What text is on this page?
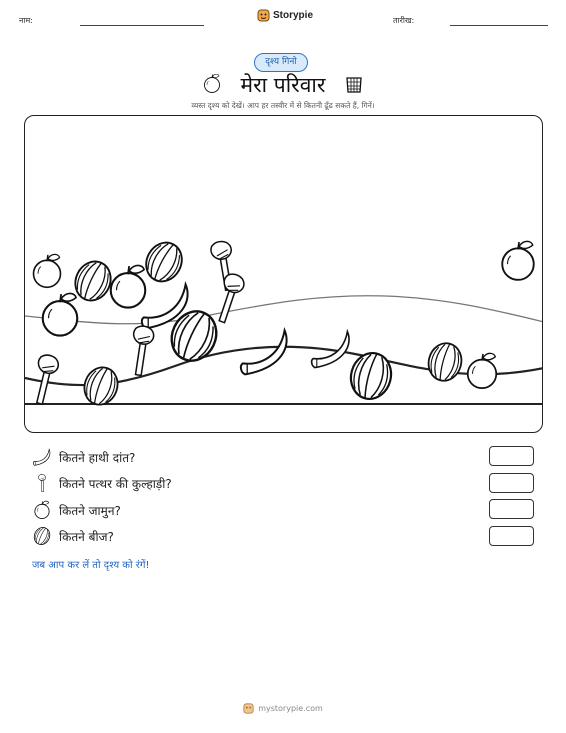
नाम:	Storypie	तारीख:
दृश्य गिनो
मेरा परिवार
व्यस्त दृश्य को देखें। आप हर तस्वीर में से कितनी ढूँढ सकते हैं, गिनें।
कितने हाथी दांत?
कितने पत्थर की कुल्हाड़ी?
कितने जामुन?
कितने बीज?
जब आप कर लें तो दृश्य को रंगें!
mystorypie.com
